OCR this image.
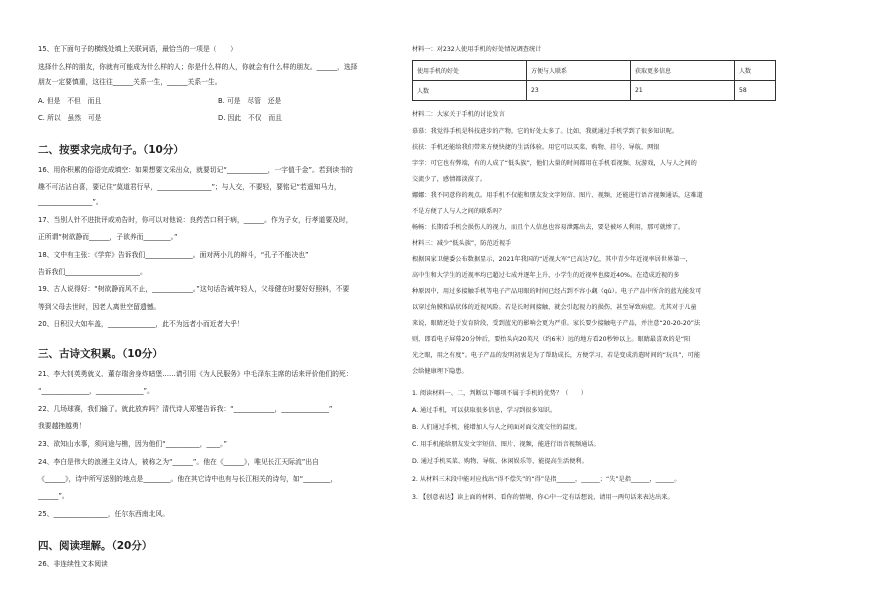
15、在下面句子的横线处填上关联词语，最恰当的一项是（　　）
选择什么样的朋友，你就有可能成为什么样的人；你是什么样的人，你就会有什么样的朋友。______，选择
朋友一定要慎重，这往往______关系一生，______关系一生。
A. 但是　不但　而且	B. 可是　尽管　还是
C. 所以　虽然　可是	D. 因此　不仅　而且
二、按要求完成句子。（10分）
16、用你积累的俗语完成填空：如果想要文采出众，就要切记“____________，一字值千金”。若到读书的
趣不可沾沾自喜，要记住“莫道君行早，________________”；与人交，不要轻，要铭记“若遥知马力，
________________”。
17、当别人针不进批评或劝告时，你可以对他说：良药苦口利于病，______。作为子女，行孝道要及时，
正所谓“树欲静而______，子欲养而________。”
18、文中有主张：《学弈》告诉我们______________。面对两小儿的辩斗，“孔子不能决也”
告诉我们______________________。
19、古人说得好：“树欲静而风不止，____________。”这句话告诫年轻人，父母健在时要好好照料，不要
等到父母去世时，因老人离世空留遗憾。
20、日积汉大如车盖，______________，此不为远者小而近者大乎！
三、古诗文积累。（10分）
21、李大钊英勇就义、董存瑞舍身炸暗堡……请引用《为人民服务》中毛泽东主席的话来评价他们的死：
“______________，______________”。
22、几场球赛，我们输了。就此放弃吗？清代诗人郑燮告诉我：“____________，______________”
我要越挫越勇！
23、欲知山水事，须问途与樵，因为他们“__________，____。”
24、李白是伟大的浪漫主义诗人，被称之为“______”。他在《______》，唯见长江天际流”出自
《______》，诗中所写送别的地点是________。他在其它诗中也有与长江相关的诗句，如“________，
______”。
25、________________，任尔东西南北风。
四、阅读理解。（20分）
26、非连续性文本阅读
使用手机的好处	方便与人联系	获取更多信息	人数
人数	23	21	58
材料一：对232人使用手机的好处情况调查统计
材料二：大家关于手机的讨论发言
慕慕：我觉得手机是科技进步的产物，它的好处太多了。比如，我就通过手机学到了很多知识呢。
扶扶：手机还能给我们带来方便快捷的生活体验。用它可以买菜、购物、挂号、导航、网银
字字：可它也有弊端，有的人成了“低头族”，他们大量的时间都用在手机看视频、玩游戏，人与人之间的
交流少了，感情都淡漠了。
娜娜：我不同意你的观点。用手机不仅能和朋友发文字短信、图片、视频，还能进行语音视频通话，这难道
不是方便了人与人之间的联系吗？
畅畅：长期看手机会损伤人的视力，而且个人信息也容易泄露出去，要是被坏人利用，那可就惨了。
材料三：减少“低头族”，防范近视手
根据国家卫健委公布数据显示，2021年我国的“近视大军”已高达7亿，其中青少年近视率居世界第一，
高中生和大学生的近视率均已超过七成并逐年上升，小学生的近视率也接近40%。在造成近视的多
种原因中，用过多接触手机等电子产品用眼的时间已经占到不容小觑（qù）。电子产品中所含的蓝光能发可
以穿过角膜和晶状体的近视风险。若是长时间接触，就会引起视力的损伤，甚至导致病症。尤其对于儿童
来说，眼睛还处于发育阶段，受到蓝光的影响会更为严重。家长要少接触电子产品，并注意“20-20-20”法
则，即看电子屏幕20分钟后，要抬头向20英尺（约6米）远的地方看20秒钟以上。眼睛最喜欢的是“阳
光之眼，用之有度”。电子产品的发明初衷是为了帮助成长，方便学习，若是变成消遣时间的“玩具”，可能
会给健康埋下隐患。
1. 阅读材料一、二，判断以下哪项不属于手机的优势？（　　）
A. 通过手机，可以获取很多信息，学习到很多知识。
B. 人们通过手机，能增加人与人之间面对面交流交往的温度。
C. 用手机能给朋友发文字短信、图片、视频，能进行语音视频通话。
D. 通过手机买菜、购物、导航、休闲娱乐等，能提高生活便利。
2. 从材料三末段中能对应找出“得不偿失”的“得”是指______，______；“失”是指______，______。
3. 【创意表达】读上面的材料，看你的情境，你心中一定有话想说，请用一两句话来表达出来。
